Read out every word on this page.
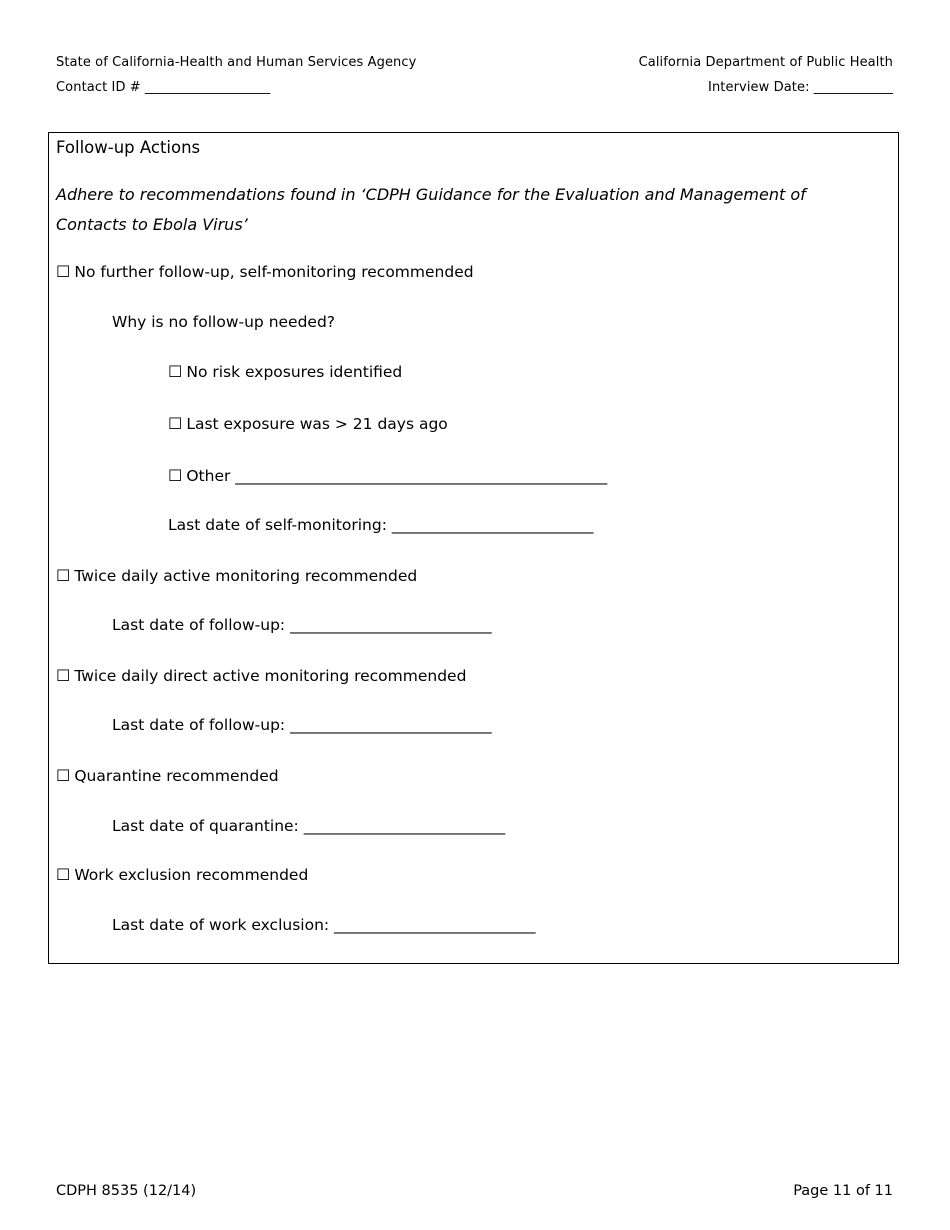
State of California-Health and Human Services Agency	California Department of Public Health
Contact ID # ___________________	Interview Date: ____________
Follow-up Actions
Adhere to recommendations found in ‘CDPH Guidance for the Evaluation and Management of Contacts to Ebola Virus’
☐ No further follow-up, self-monitoring recommended
Why is no follow-up needed?
☐ No risk exposures identified
☐ Last exposure was > 21 days ago
☐ Other ________________________________________________
Last date of self-monitoring: __________________________
☐ Twice daily active monitoring recommended
Last date of follow-up: __________________________
☐ Twice daily direct active monitoring recommended
Last date of follow-up: __________________________
☐ Quarantine recommended
Last date of quarantine: __________________________
☐ Work exclusion recommended
Last date of work exclusion: __________________________
CDPH 8535 (12/14)	Page 11 of 11
